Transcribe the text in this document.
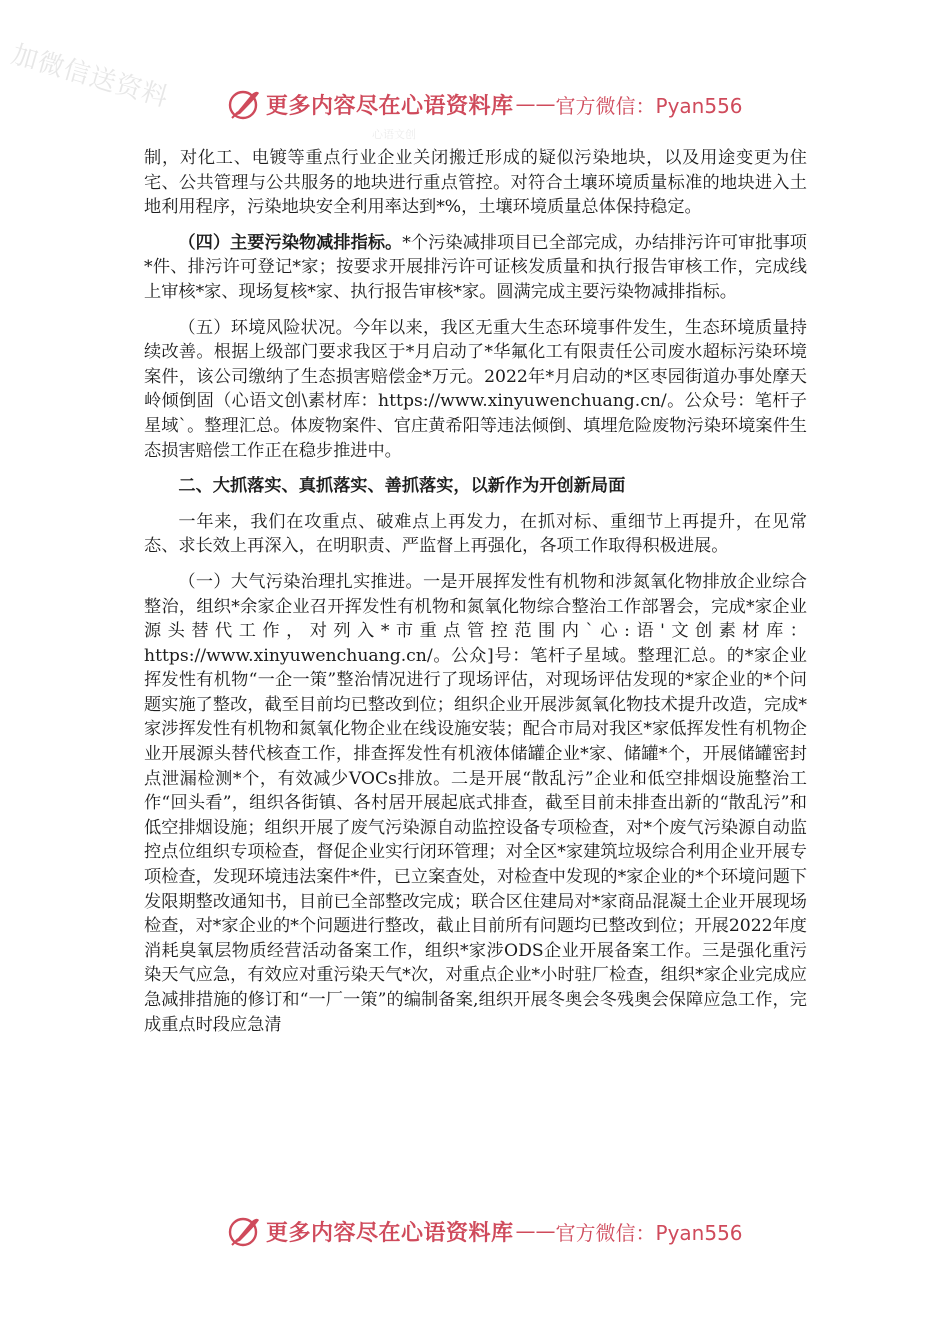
加微信送资料	更多内容尽在心语资料库 —— 官方微信：Pyan556
心语文创

制，对化工、电镀等重点行业企业关闭搬迁形成的疑似污染地块，以及用途变更为住宅、公共管理与公共服务的地块进行重点管控。对符合土壤环境质量标准的地块进入土地利用程序，污染地块安全利用率达到*%，土壤环境质量总体保持稳定。

（四）主要污染物减排指标。*个污染减排项目已全部完成，办结排污许可审批事项*件、排污许可登记*家；按要求开展排污许可证核发质量和执行报告审核工作，完成线上审核*家、现场复核*家、执行报告审核*家。圆满完成主要污染物减排指标。

（五）环境风险状况。今年以来，我区无重大生态环境事件发生，生态环境质量持续改善。根据上级部门要求我区于*月启动了*华氟化工有限责任公司废水超标污染环境案件，该公司缴纳了生态损害赔偿金*万元。2022年*月启动的*区枣园街道办事处摩天岭倾倒固（心语文创\素材库：https://www.xinyuwenchuang.cn/。公众号：笔杆子星域`。整理汇总。体废物案件、官庄黄希阳等违法倾倒、填埋危险废物污染环境案件生态损害赔偿工作正在稳步推进中。

二、大抓落实、真抓落实、善抓落实，以新作为开创新局面

一年来，我们在攻重点、破难点上再发力，在抓对标、重细节上再提升，在见常态、求长效上再深入，在明职责、严监督上再强化，各项工作取得积极进展。

（一）大气污染治理扎实推进。一是开展挥发性有机物和涉氮氧化物排放企业综合整治，组织*余家企业召开挥发性有机物和氮氧化物综合整治工作部署会，完成*家企业源头替代工作，对列入*市重点管控范围内`心:语'文创素材库：https://www.xinyuwenchuang.cn/。公众]号：笔杆子星域。整理汇总。的*家企业挥发性有机物“一企一策”整治情况进行了现场评估，对现场评估发现的*家企业的*个问题实施了整改，截至目前均已整改到位；组织企业开展涉氮氧化物技术提升改造，完成*家涉挥发性有机物和氮氧化物企业在线设施安装；配合市局对我区*家低挥发性有机物企业开展源头替代核查工作，排查挥发性有机液体储罐企业*家、储罐*个，开展储罐密封点泄漏检测*个，有效减少VOCs排放。二是开展“散乱污”企业和低空排烟设施整治工作“回头看”，组织各街镇、各村居开展起底式排查，截至目前未排查出新的“散乱污”和低空排烟设施；组织开展了废气污染源自动监控设备专项检查，对*个废气污染源自动监控点位组织专项检查，督促企业实行闭环管理；对全区*家建筑垃圾综合利用企业开展专项检查，发现环境违法案件*件，已立案查处，对检查中发现的*家企业的*个环境问题下发限期整改通知书，目前已全部整改完成；联合区住建局对*家商品混凝土企业开展现场检查，对*家企业的*个问题进行整改，截止目前所有问题均已整改到位；开展2022年度消耗臭氧层物质经营活动备案工作，组织*家涉ODS企业开展备案工作。三是强化重污染天气应急，有效应对重污染天气*次，对重点企业*小时驻厂检查，组织*家企业完成应急减排措施的修订和“一厂一策”的编制备案,组织开展冬奥会冬残奥会保障应急工作，完成重点时段应急清

更多内容尽在心语资料库 —— 官方微信：Pyan556
